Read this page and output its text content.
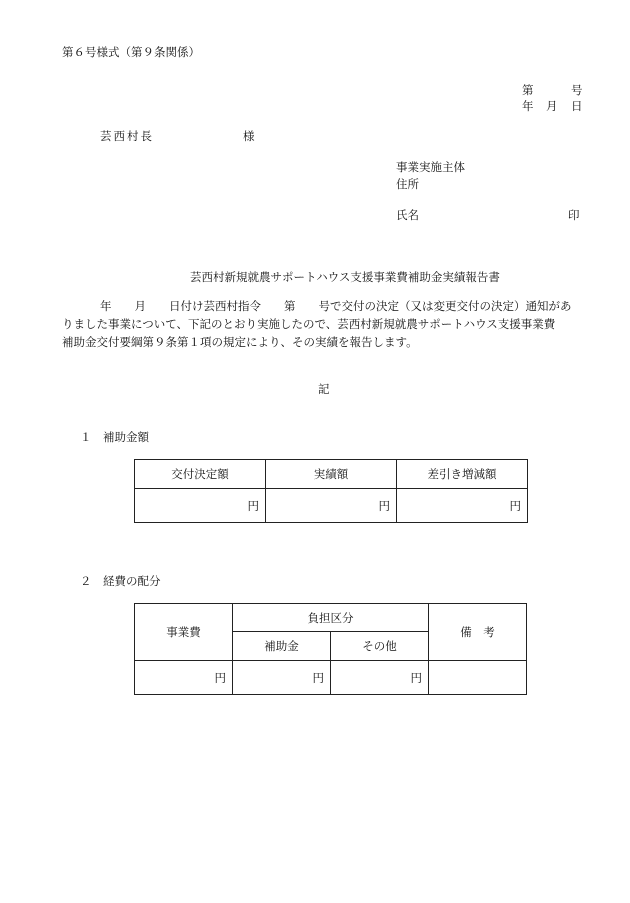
第６号様式（第９条関係）
第	号
年 月 日
芸西村長	様
事業実施主体
住所
氏名	印
芸西村新規就農サポートハウス支援事業費補助金実績報告書
年　　月　　日付け芸西村指令　　第　　号で交付の決定（又は変更交付の決定）通知があ
りました事業について、下記のとおり実施したので、芸西村新規就農サポートハウス支援事業費
補助金交付要綱第９条第１項の規定により、その実績を報告します。
記
１　補助金額
交付決定額	実績額	差引き増減額
円	円	円
２　経費の配分
事業費	負担区分		備　考
	補助金	その他	
円	円	円	
